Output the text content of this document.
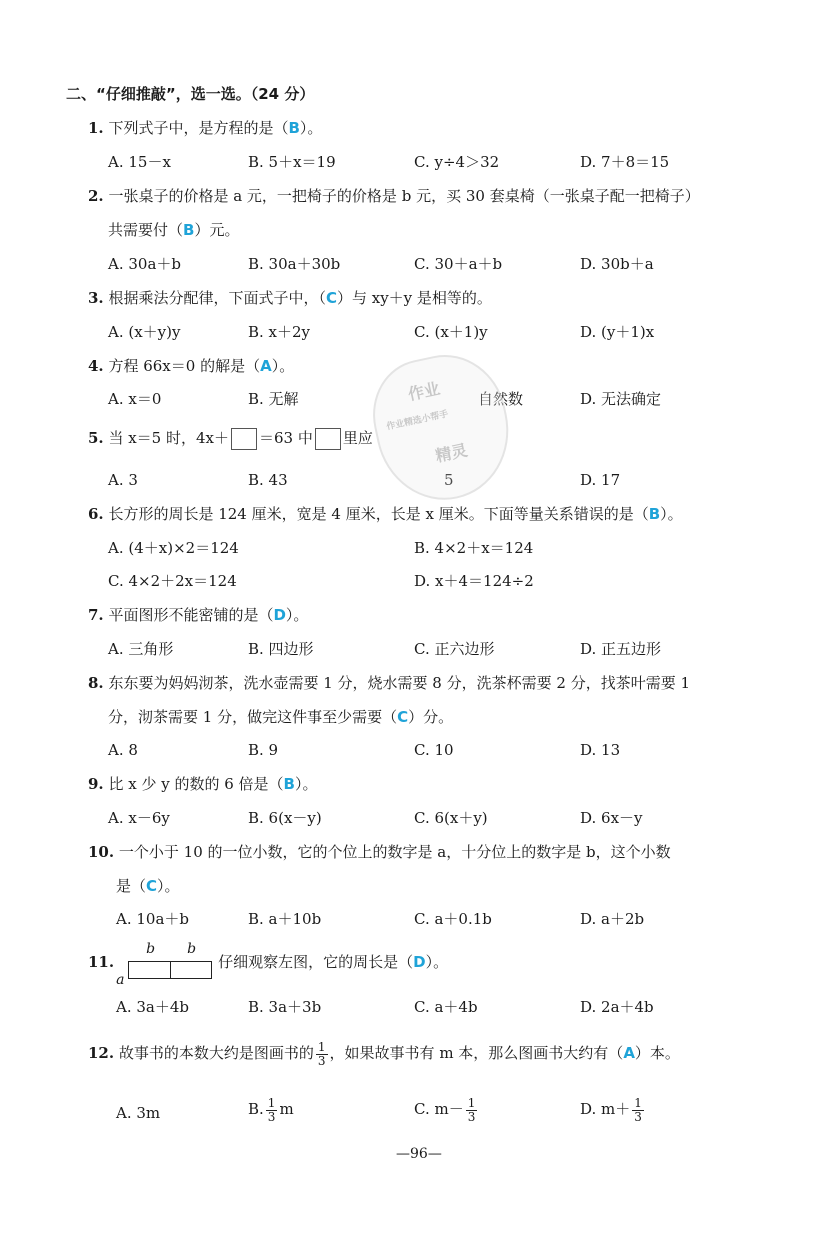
二、“仔细推敲”，选一选。（24 分）
1. 下列式子中，是方程的是（B）。
A. 15－x	B. 5＋x＝19	C. y÷4＞32	D. 7＋8＝15
2. 一张桌子的价格是 a 元，一把椅子的价格是 b 元，买 30 套桌椅（一张桌子配一把椅子）
共需要付（B）元。
A. 30a＋b	B. 30a＋30b	C. 30＋a＋b	D. 30b＋a
3. 根据乘法分配律，下面式子中，（C）与 xy＋y 是相等的。
A. (x＋y)y	B. x＋2y	C. (x＋1)y	D. (y＋1)x
4. 方程 66x＝0 的解是（A）。
A. x＝0	B. 无解	自然数	D. 无法确定
5. 当 x＝5 时，4x＋ ＝63 中 里应
A. 3	B. 43	5	D. 17
作业
作业精选小帮手
精灵
6. 长方形的周长是 124 厘米，宽是 4 厘米，长是 x 厘米。下面等量关系错误的是（B）。
A. (4＋x)×2＝124	B. 4×2＋x＝124
C. 4×2＋2x＝124	D. x＋4＝124÷2
7. 平面图形不能密铺的是（D）。
A. 三角形	B. 四边形	C. 正六边形	D. 正五边形
8. 东东要为妈妈沏茶，洗水壶需要 1 分，烧水需要 8 分，洗茶杯需要 2 分，找茶叶需要 1
分，沏茶需要 1 分，做完这件事至少需要（C）分。
A. 8	B. 9	C. 10	D. 13
9. 比 x 少 y 的数的 6 倍是（B）。
A. x－6y	B. 6(x－y)	C. 6(x＋y)	D. 6x－y
10. 一个小于 10 的一位小数，它的个位上的数字是 a，十分位上的数字是 b，这个小数
是（C）。
A. 10a＋b	B. a＋10b	C. a＋0.1b	D. a＋2b
11.
a
b b
仔细观察左图，它的周长是（D）。
A. 3a＋4b	B. 3a＋3b	C. a＋4b	D. 2a＋4b
12. 故事书的本数大约是图画书的 $\frac{1}{3}$ ，如果故事书有 m 本，那么图画书大约有（A）本。
A. 3m	B. $\frac{1}{3}$ m	C. $m- \frac{1}{3}$	D. $m+ \frac{1}{3}$
—96—
